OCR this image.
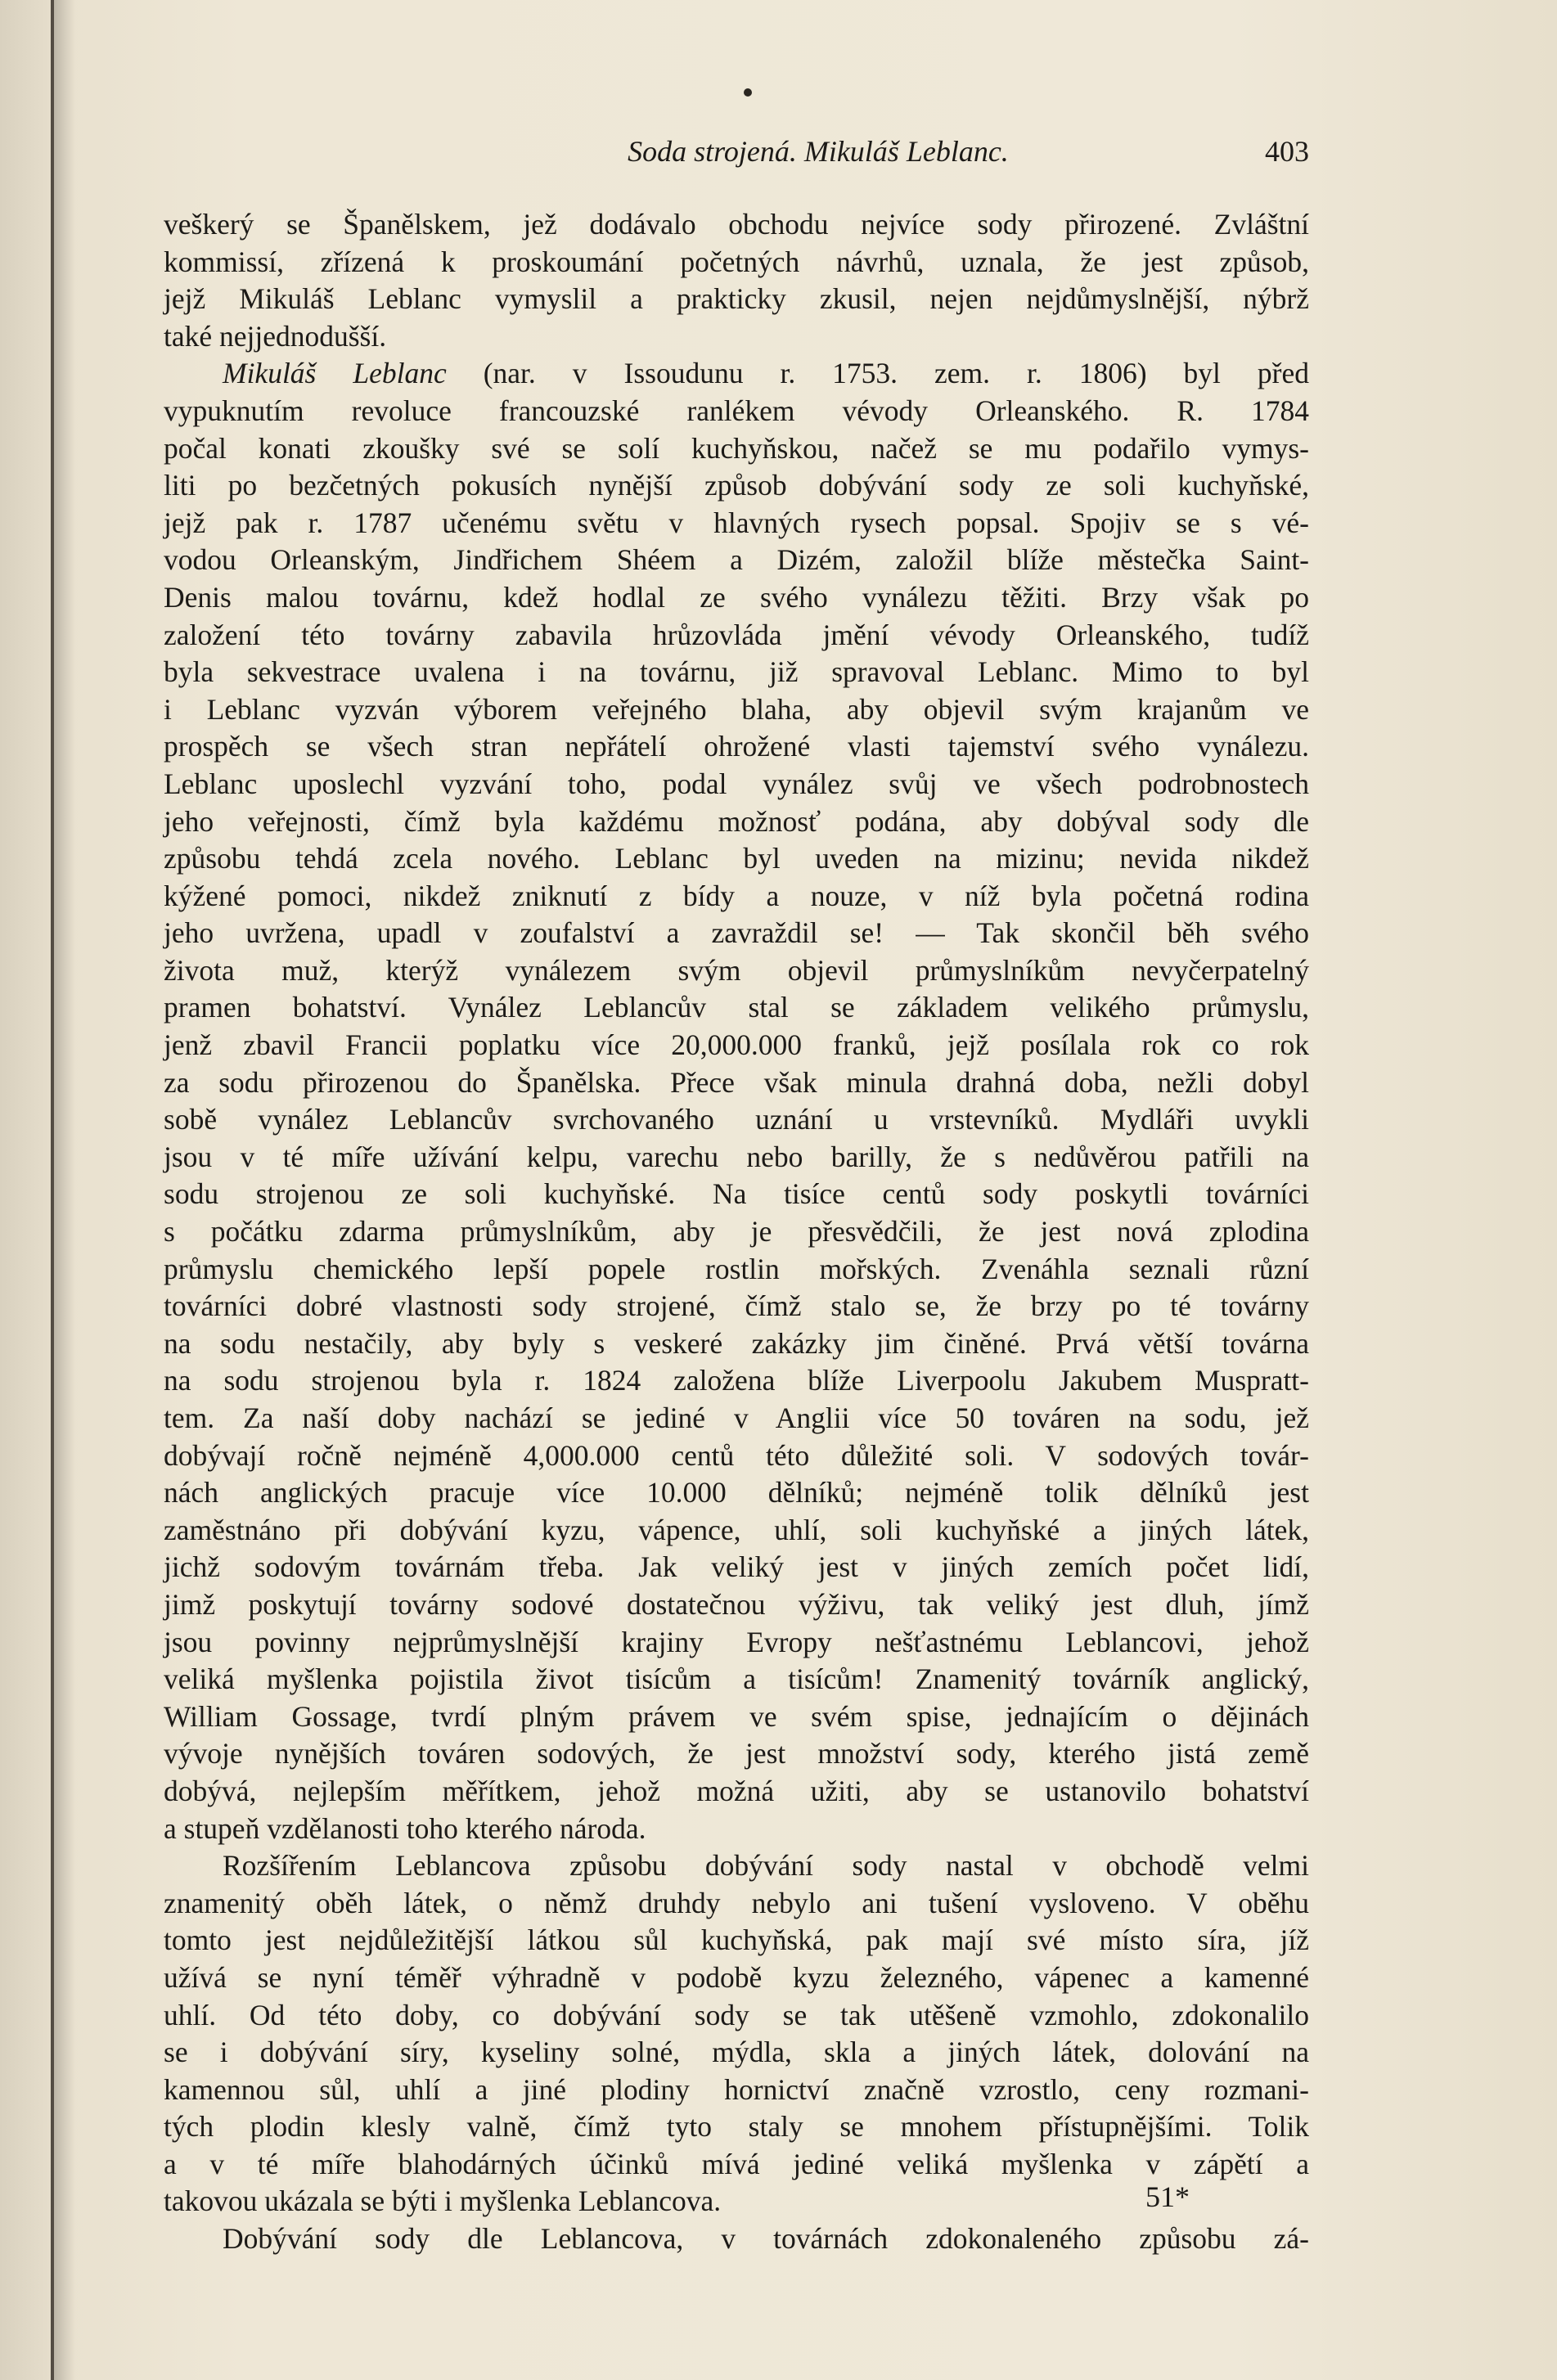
Soda strojená. Mikuláš Leblanc.	403
veškerý se Španělskem, jež dodávalo obchodu nejvíce sody přirozené. Zvláštní
kommissí, zřízená k proskoumání početných návrhů, uznala, že jest způsob,
jejž Mikuláš Leblanc vymyslil a prakticky zkusil, nejen nejdůmyslnější, nýbrž
také nejjednodušší.
Mikuláš Leblanc (nar. v Issoudunu r. 1753. zem. r. 1806) byl před
vypuknutím revoluce francouzské ranlékem vévody Orleanského. R. 1784
počal konati zkoušky své se solí kuchyňskou, načež se mu podařilo vymys-
liti po bezčetných pokusích nynější způsob dobývání sody ze soli kuchyňské,
jejž pak r. 1787 učenému světu v hlavných rysech popsal. Spojiv se s vé-
vodou Orleanským, Jindřichem Shéem a Dizém, založil blíže městečka Saint-
Denis malou továrnu, kdež hodlal ze svého vynálezu těžiti. Brzy však po
založení této továrny zabavila hrůzovláda jmění vévody Orleanského, tudíž
byla sekvestrace uvalena i na továrnu, již spravoval Leblanc. Mimo to byl
i Leblanc vyzván výborem veřejného blaha, aby objevil svým krajanům ve
prospěch se všech stran nepřátelí ohrožené vlasti tajemství svého vynálezu.
Leblanc uposlechl vyzvání toho, podal vynález svůj ve všech podrobnostech
jeho veřejnosti, čímž byla každému možnosť podána, aby dobýval sody dle
způsobu tehdá zcela nového. Leblanc byl uveden na mizinu; nevida nikdež
kýžené pomoci, nikdež zniknutí z bídy a nouze, v níž byla početná rodina
jeho uvržena, upadl v zoufalství a zavraždil se! — Tak skončil běh svého
života muž, kterýž vynálezem svým objevil průmyslníkům nevyčerpatelný
pramen bohatství. Vynález Leblancův stal se základem velikého průmyslu,
jenž zbavil Francii poplatku více 20,000.000 franků, jejž posílala rok co rok
za sodu přirozenou do Španělska. Přece však minula drahná doba, nežli dobyl
sobě vynález Leblancův svrchovaného uznání u vrstevníků. Mydláři uvykli
jsou v té míře užívání kelpu, varechu nebo barilly, že s nedůvěrou patřili na
sodu strojenou ze soli kuchyňské. Na tisíce centů sody poskytli továrníci
s počátku zdarma průmyslníkům, aby je přesvědčili, že jest nová zplodina
průmyslu chemického lepší popele rostlin mořských. Zvenáhla seznali různí
továrníci dobré vlastnosti sody strojené, čímž stalo se, že brzy po té továrny
na sodu nestačily, aby byly s veskeré zakázky jim činěné. Prvá větší továrna
na sodu strojenou byla r. 1824 založena blíže Liverpoolu Jakubem Muspratt-
tem. Za naší doby nachází se jediné v Anglii více 50 továren na sodu, jež
dobývají ročně nejméně 4,000.000 centů této důležité soli. V sodových továr-
nách anglických pracuje více 10.000 dělníků; nejméně tolik dělníků jest
zaměstnáno při dobývání kyzu, vápence, uhlí, soli kuchyňské a jiných látek,
jichž sodovým továrnám třeba. Jak veliký jest v jiných zemích počet lidí,
jimž poskytují továrny sodové dostatečnou výživu, tak veliký jest dluh, jímž
jsou povinny nejprůmyslnější krajiny Evropy nešťastnému Leblancovi, jehož
veliká myšlenka pojistila život tisícům a tisícům! Znamenitý továrník anglický,
William Gossage, tvrdí plným právem ve svém spise, jednajícím o dějinách
vývoje nynějších továren sodových, že jest množství sody, kterého jistá země
dobývá, nejlepším měřítkem, jehož možná užiti, aby se ustanovilo bohatství
a stupeň vzdělanosti toho kterého národa.
Rozšířením Leblancova způsobu dobývání sody nastal v obchodě velmi
znamenitý oběh látek, o němž druhdy nebylo ani tušení vysloveno. V oběhu
tomto jest nejdůležitější látkou sůl kuchyňská, pak mají své místo síra, jíž
užívá se nyní téměř výhradně v podobě kyzu železného, vápenec a kamenné
uhlí. Od této doby, co dobývání sody se tak utěšeně vzmohlo, zdokonalilo
se i dobývání síry, kyseliny solné, mýdla, skla a jiných látek, dolování na
kamennou sůl, uhlí a jiné plodiny hornictví značně vzrostlo, ceny rozmani-
tých plodin klesly valně, čímž tyto staly se mnohem přístupnějšími. Tolik
a v té míře blahodárných účinků mívá jediné veliká myšlenka v zápětí a
takovou ukázala se býti i myšlenka Leblancova.
Dobývání sody dle Leblancova, v továrnách zdokonaleného způsobu zá-
51*
